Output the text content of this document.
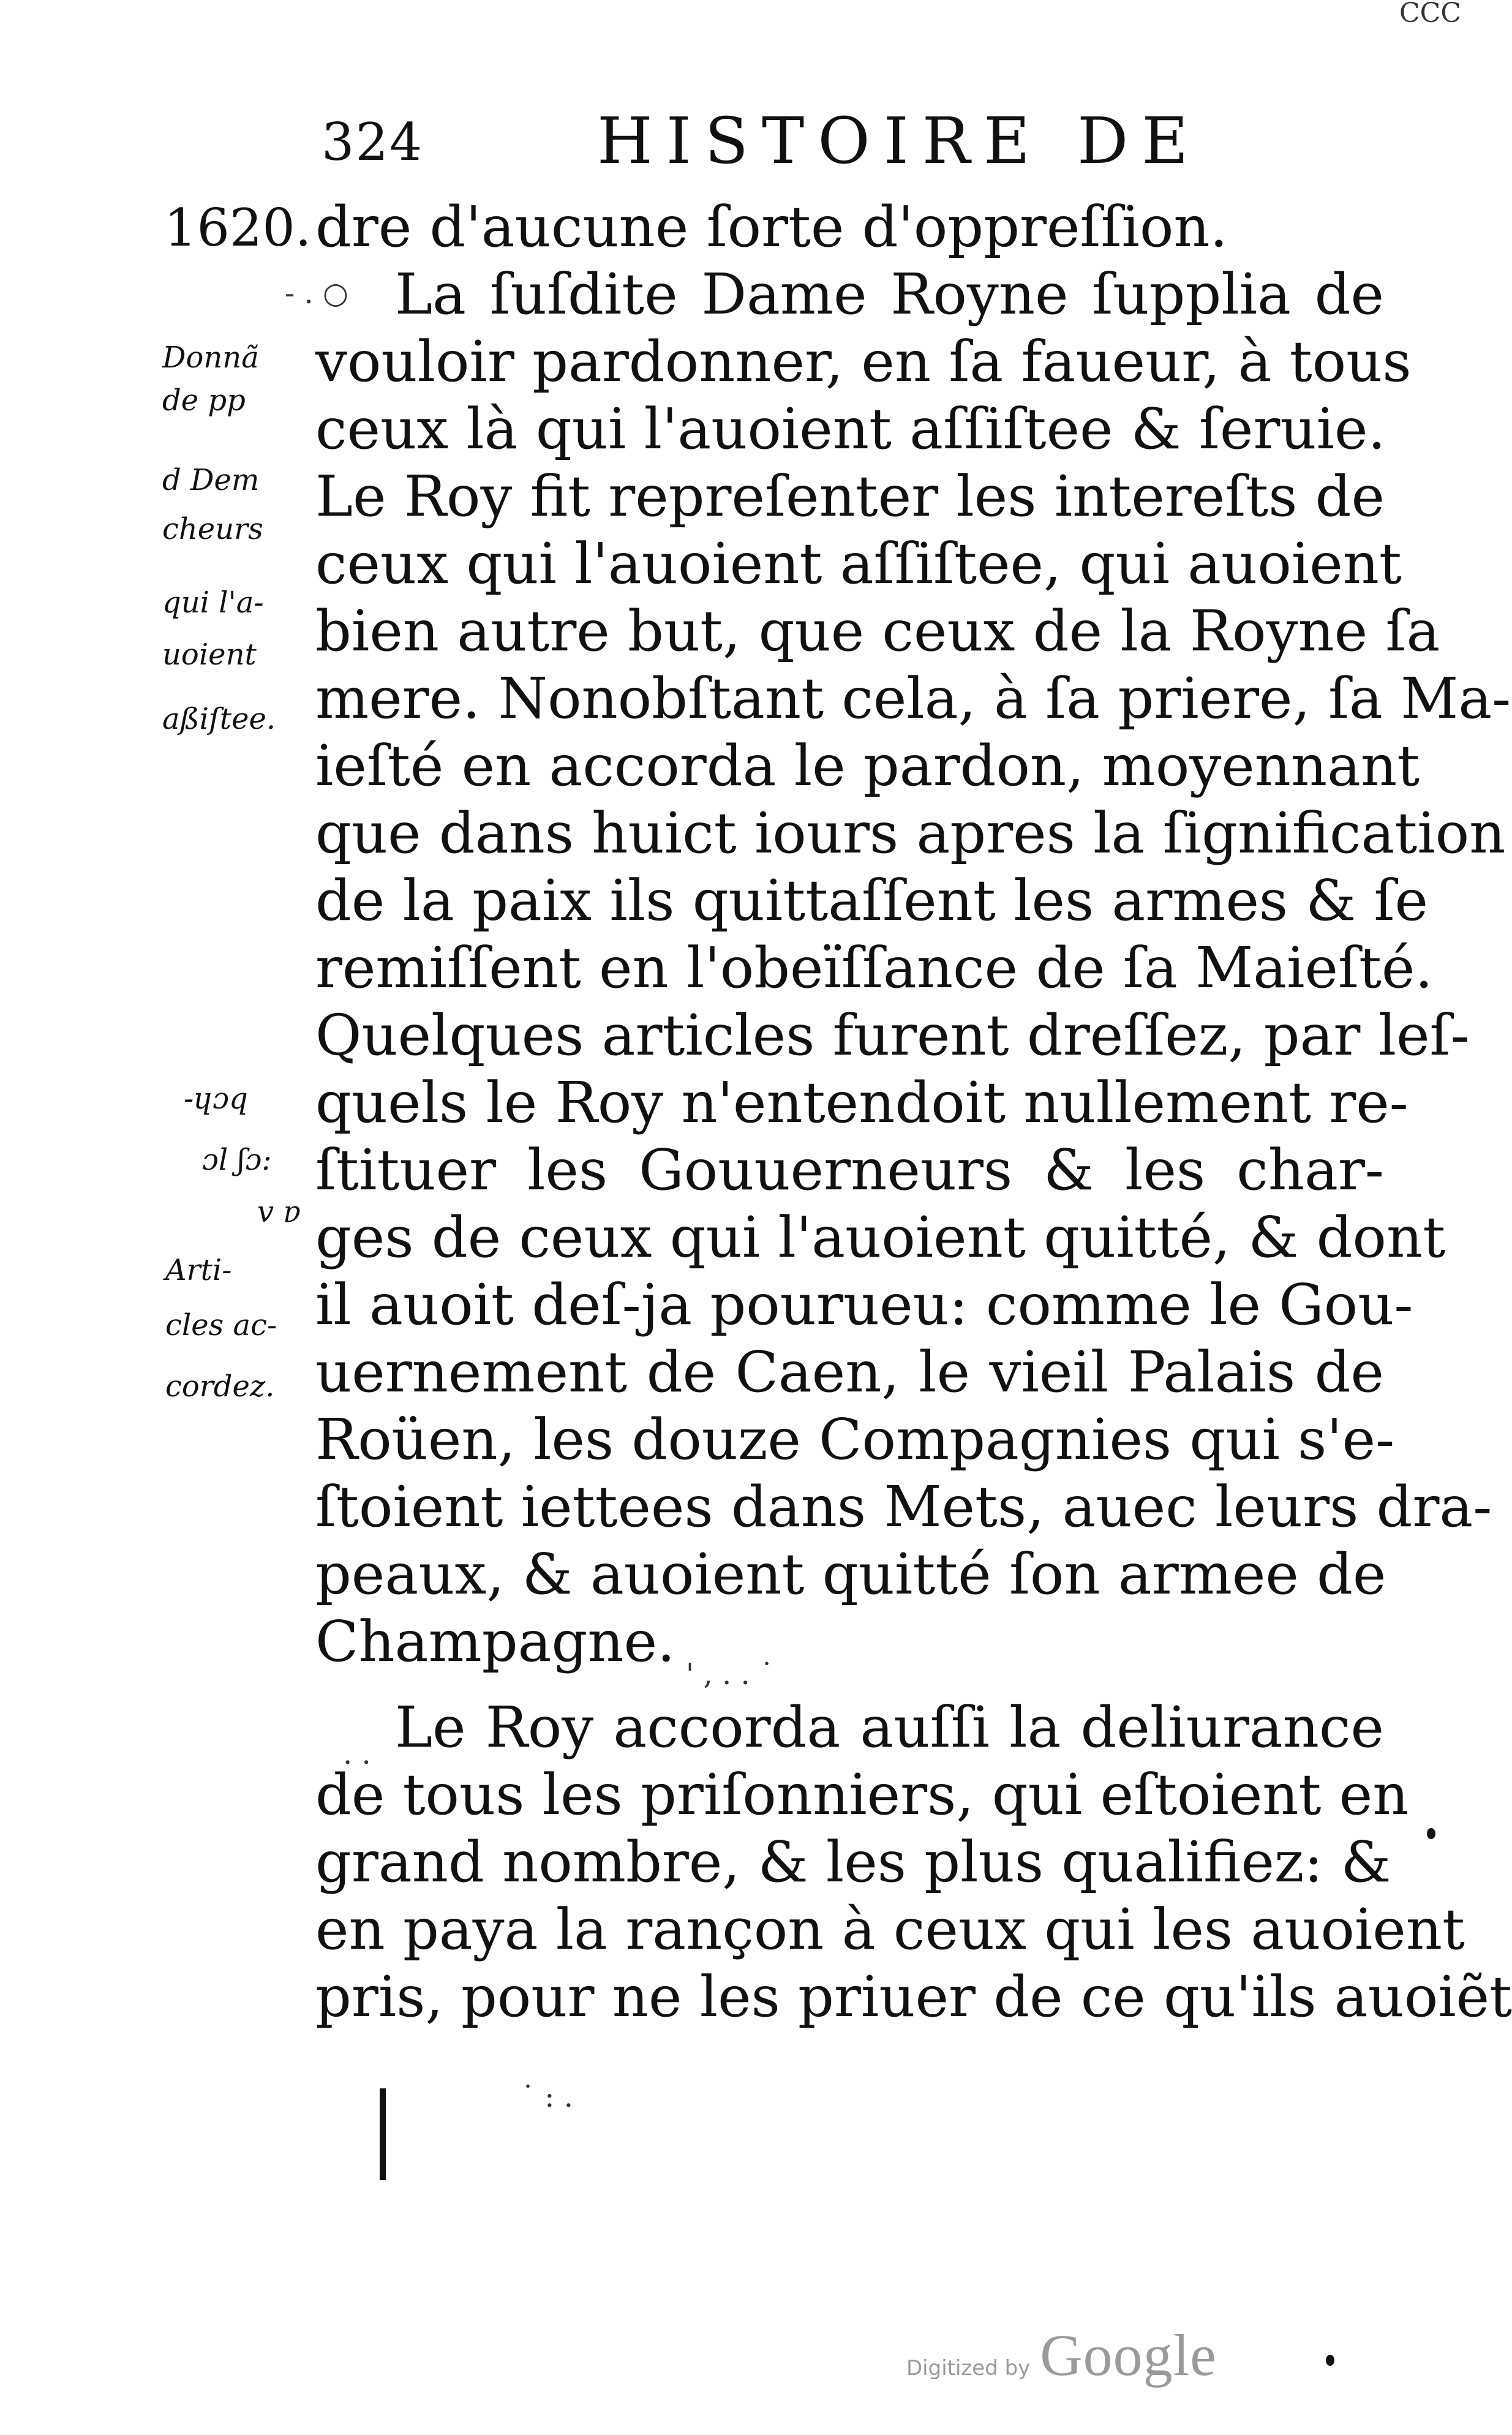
ⅭⅭⅭ
324	HISTOIRE DE
1620.
Donnã
de pp
d Dem
cheurs
qui l'a-
uoient
aßiſtee.
-ɥɔq
ɔl ʃɔ:
v ɐ
Arti-
cles ac-
cordez.
- . ○
. .
' , . . ˙
˙ : .
dre d'aucune ſorte d'oppreſſion.
La ſuſdite Dame Royne ſupplia de
vouloir pardonner, en ſa faueur, à tous
ceux là qui l'auoient aſſiſtee & ſeruie.
Le Roy fit repreſenter les intereſts de
ceux qui l'auoient aſſiſtee, qui auoient
bien autre but, que ceux de la Royne ſa
mere. Nonobſtant cela, à ſa priere, ſa Ma-
ieſté en accorda le pardon, moyennant
que dans huict iours apres la ſignification
de la paix ils quittaſſent les armes & ſe
remiſſent en l'obeïſſance de ſa Maieſté.
Quelques articles furent dreſſez, par leſ-
quels le Roy n'entendoit nullement re-
ſtituer les Gouuerneurs & les char-
ges de ceux qui l'auoient quitté, & dont
il auoit deſ-ja pourueu: comme le Gou-
uernement de Caen, le vieil Palais de
Roüen, les douze Compagnies qui s'e-
ſtoient iettees dans Mets, auec leurs dra-
peaux, & auoient quitté ſon armee de
Champagne.
Le Roy accorda auſſi la deliurance
de tous les priſonniers, qui eſtoient en
grand nombre, & les plus qualifiez: &
en paya la rançon à ceux qui les auoient
pris, pour ne les priuer de ce qu'ils auoiẽt
Digitized by Google
